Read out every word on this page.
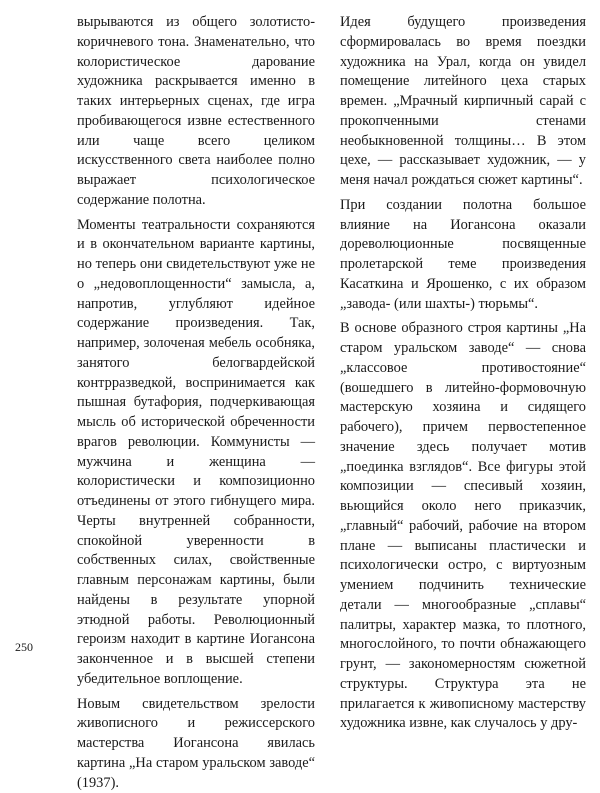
вырываются из общего золотисто-коричневого тона. Знаменательно, что колористическое дарование художника раскрывается именно в таких интерьерных сценах, где игра пробивающегося извне естественного или чаще всего целиком искусственного света наиболее полно выражает психологическое содержание полотна.

Моменты театральности сохраняются и в окончательном варианте картины, но теперь они свидетельствуют уже не о „недовоплощенности“ замысла, а, напротив, углубляют идейное содержание произведения. Так, например, золоченая мебель особняка, занятого белогвардейской контрразведкой, воспринимается как пышная бутафория, подчеркивающая мысль об исторической обреченности врагов революции. Коммунисты — мужчина и женщина — колористически и композиционно отъединены от этого гибнущего мира. Черты внутренней собранности, спокойной уверенности в собственных силах, свойственные главным персонажам картины, были найдены в результате упорной этюдной работы. Революционный героизм находит в картине Иогансона законченное и в высшей степени убедительное воплощение.

Новым свидетельством зрелости живописного и режиссерского мастерства Иогансона явилась картина „На старом уральском заводе“ (1937).

Идея будущего произведения сформировалась во время поездки художника на Урал, когда он увидел помещение литейного цеха старых времен. „Мрачный кирпичный сарай с прокопченными стенами необыкновенной толщины… В этом цехе, — рассказывает художник, — у меня начал рождаться сюжет картины“.

При создании полотна большое влияние на Иогансона оказали дореволюционные посвященные пролетарской теме произведения Касаткина и Ярошенко, с их образом „завода- (или шахты-) тюрьмы“.

В основе образного строя картины „На старом уральском заводе“ — снова „классовое противостояние“ (вошедшего в литейно-формовочную мастерскую хозяина и сидящего рабочего), причем первостепенное значение здесь получает мотив „поединка взглядов“. Все фигуры этой композиции — спесивый хозяин, вьющийся около него приказчик, „главный“ рабочий, рабочие на втором плане — выписаны пластически и психологически остро, с виртуозным умением подчинить технические детали — многообразные „сплавы“ палитры, характер мазка, то плотного, многослойного, то почти обнажающего грунт, — закономерностям сюжетной структуры. Структура эта не прилагается к живописному мастерству художника извне, как случалось у дру-

250
